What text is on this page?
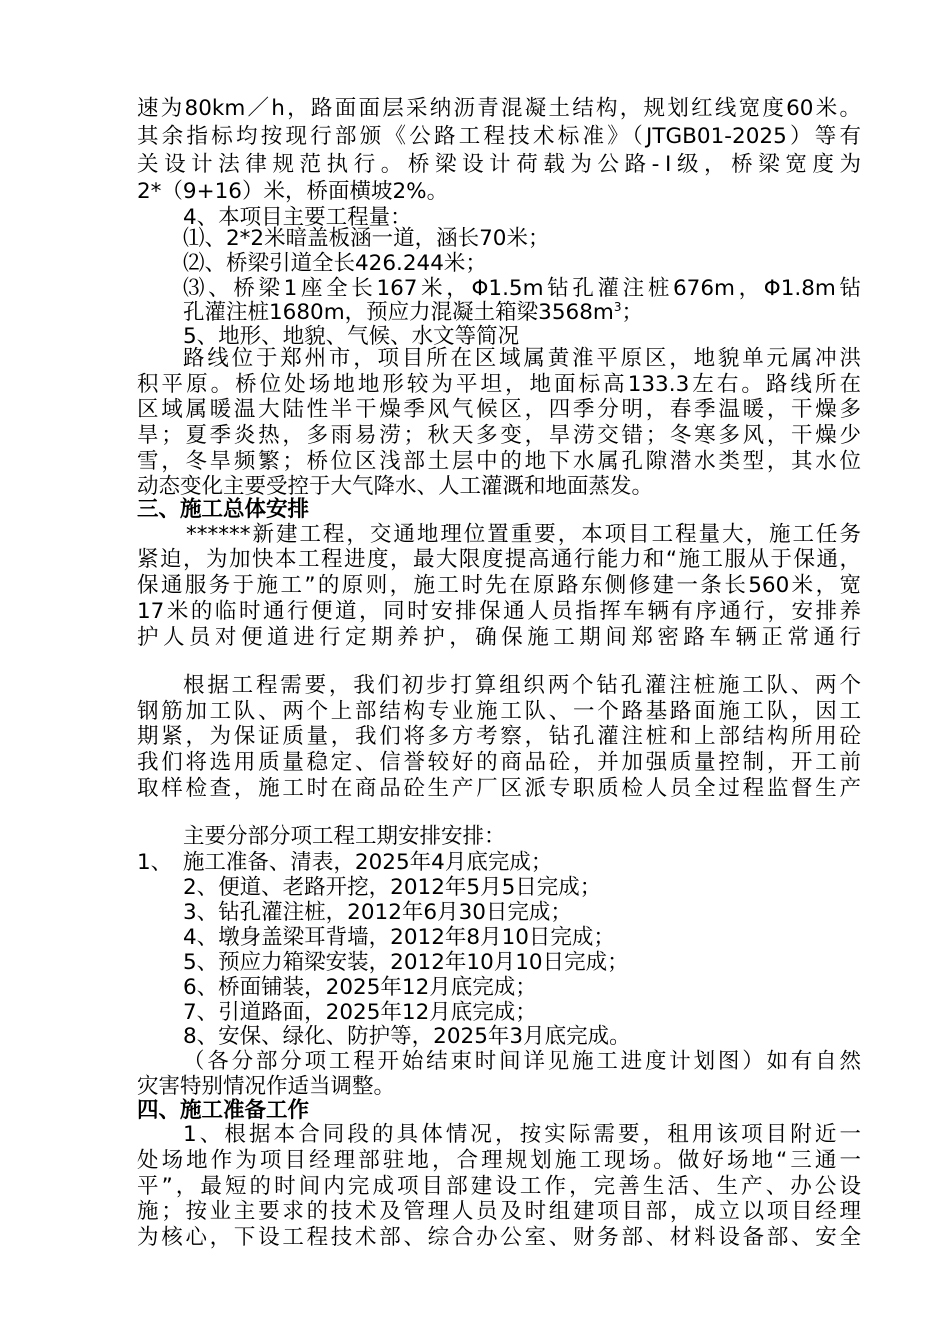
速为80km／h，路面面层采纳沥青混凝土结构，规划红线宽度60米。
其余指标均按现行部颁《公路工程技术标准》（JTGB01-2025）等有
关设计法律规范执行。桥梁设计荷载为公路-Ⅰ级，桥梁宽度为
2*（9+16）米，桥面横坡2%。
4、本项目主要工程量：
⑴、2*2米暗盖板涵一道，涵长70米；
⑵、桥梁引道全长426.244米；
⑶、桥梁1座全长167米，Φ1.5m钻孔灌注桩676m，Φ1.8m钻
孔灌注桩1680m，预应力混凝土箱梁$3568m^3$；
5、地形、地貌、气候、水文等简况
路线位于郑州市，项目所在区域属黄淮平原区，地貌单元属冲洪
积平原。桥位处场地地形较为平坦，地面标高133.3左右。路线所在
区域属暖温大陆性半干燥季风气候区，四季分明，春季温暖，干燥多
旱；夏季炎热，多雨易涝；秋天多变，旱涝交错；冬寒多风，干燥少
雪，冬旱频繁；桥位区浅部土层中的地下水属孔隙潜水类型，其水位
动态变化主要受控于大气降水、人工灌溉和地面蒸发。
三、施工总体安排
******新建工程，交通地理位置重要，本项目工程量大，施工任务
紧迫，为加快本工程进度，最大限度提高通行能力和“施工服从于保通，
保通服务于施工”的原则，施工时先在原路东侧修建一条长560米，宽
17米的临时通行便道，同时安排保通人员指挥车辆有序通行，安排养
护人员对便道进行定期养护，确保施工期间郑密路车辆正常通行
根据工程需要，我们初步打算组织两个钻孔灌注桩施工队、两个
钢筋加工队、两个上部结构专业施工队、一个路基路面施工队，因工
期紧，为保证质量，我们将多方考察，钻孔灌注桩和上部结构所用砼
我们将选用质量稳定、信誉较好的商品砼，并加强质量控制，开工前
取样检查，施工时在商品砼生产厂区派专职质检人员全过程监督生产
主要分部分项工程工期安排安排：
1、　施工准备、清表，2025年4月底完成；
2、便道、老路开挖，2012年5月5日完成；
3、钻孔灌注桩，2012年6月30日完成；
4、墩身盖梁耳背墙，2012年8月10日完成；
5、预应力箱梁安装，2012年10月10日完成；
6、桥面铺装，2025年12月底完成；
7、引道路面，2025年12月底完成；
8、安保、绿化、防护等，2025年3月底完成。
（各分部分项工程开始结束时间详见施工进度计划图）如有自然
灾害特别情况作适当调整。
四、施工准备工作
1、根据本合同段的具体情况，按实际需要，租用该项目附近一
处场地作为项目经理部驻地，合理规划施工现场。做好场地“三通一
平”，最短的时间内完成项目部建设工作，完善生活、生产、办公设
施；按业主要求的技术及管理人员及时组建项目部，成立以项目经理
为核心，下设工程技术部、综合办公室、财务部、材料设备部、安全
